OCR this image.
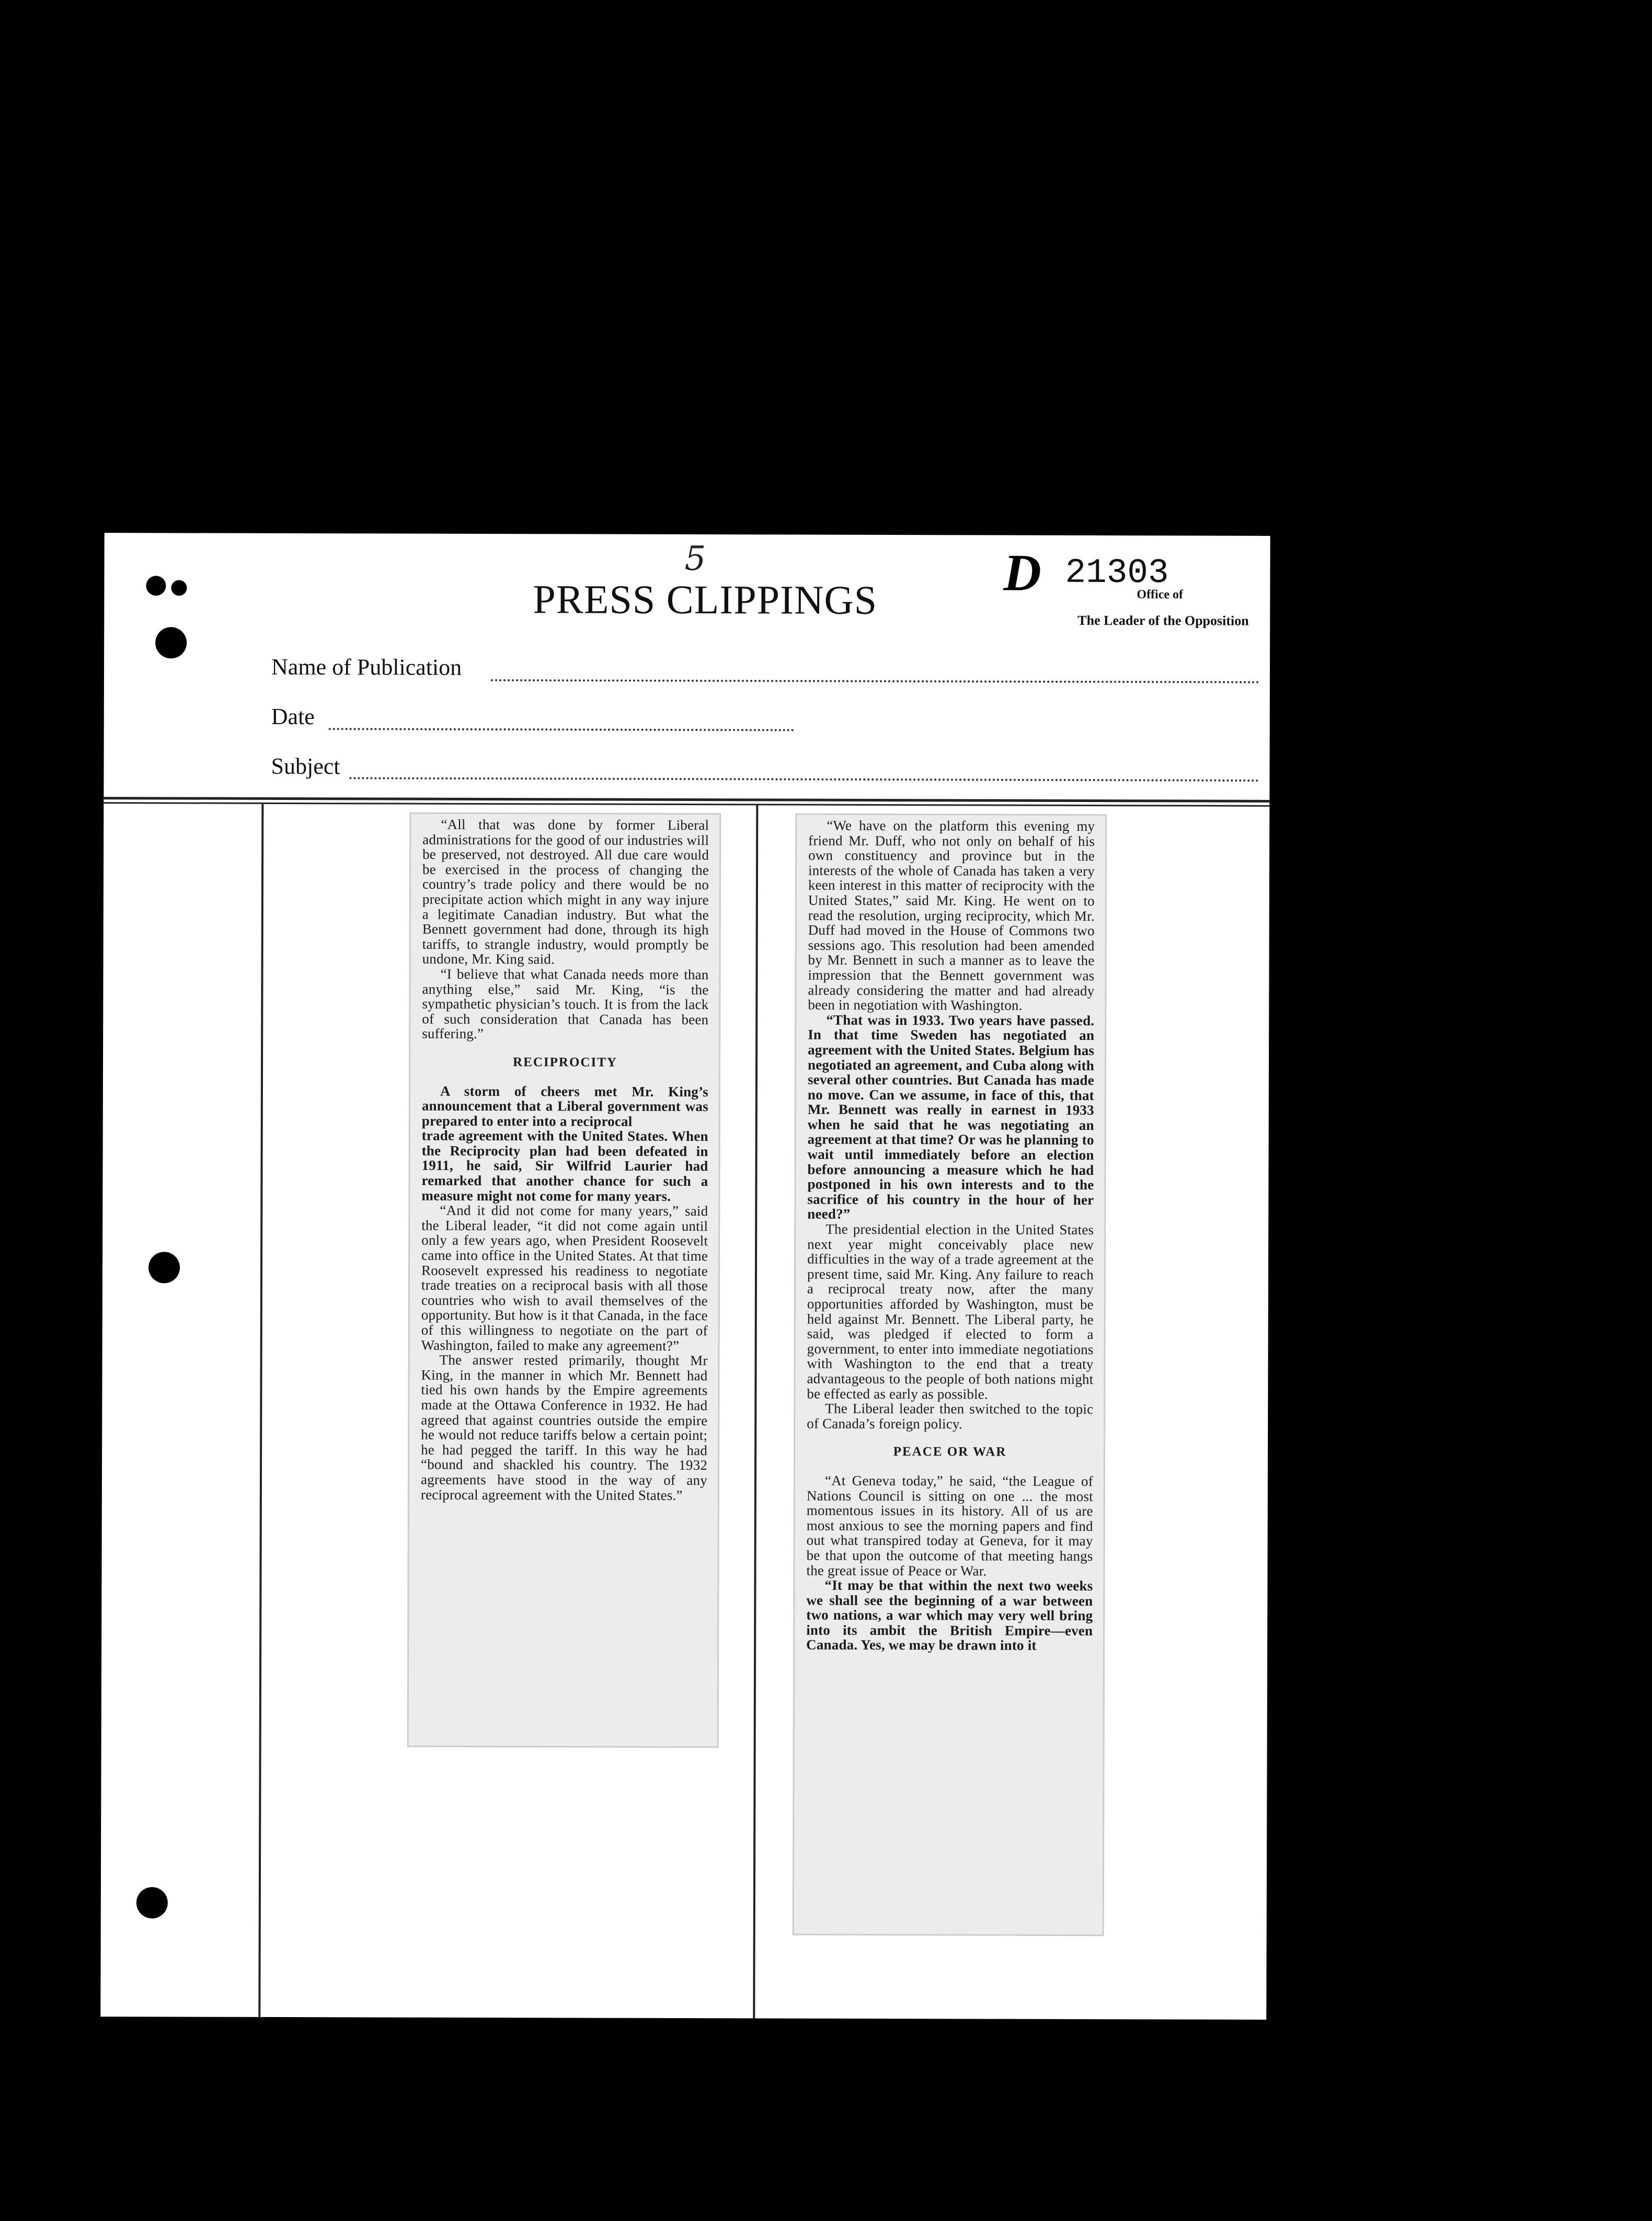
5
PRESS CLIPPINGS D 21303
Office of
The Leader of the Opposition
Name of Publication
Date
Subject

“All that was done by former Liberal administrations for the good of our industries will be preserved, not destroyed. All due care would be exercised in the process of changing the country’s trade policy and there would be no precipitate action which might in any way injure a legitimate Canadian industry. But what the Bennett government had done, through its high tariffs, to strangle industry, would promptly be undone, Mr. King said.

“I believe that what Canada needs more than anything else,” said Mr. King, “is the sympathetic physician’s touch. It is from the lack of such consideration that Canada has been suffering.”

RECIPROCITY

A storm of cheers met Mr. King’s announcement that a Liberal government was prepared to enter into a reciprocal

trade agreement with the United States. When the Reciprocity plan had been defeated in 1911, he said, Sir Wilfrid Laurier had remarked that another chance for such a measure might not come for many years.

“And it did not come for many years,” said the Liberal leader, “it did not come again until only a few years ago, when President Roosevelt came into office in the United States. At that time Roosevelt expressed his readiness to negotiate trade treaties on a reciprocal basis with all those countries who wish to avail themselves of the opportunity. But how is it that Canada, in the face of this willingness to negotiate on the part of Washington, failed to make any agreement?”

The answer rested primarily, thought Mr King, in the manner in which Mr. Bennett had tied his own hands by the Empire agreements made at the Ottawa Conference in 1932. He had agreed that against countries outside the empire he would not reduce tariffs below a certain point; he had pegged the tariff. In this way he had “bound and shackled his country. The 1932 agreements have stood in the way of any reciprocal agreement with the United States.”

“We have on the platform this evening my friend Mr. Duff, who not only on behalf of his own constituency and province but in the interests of the whole of Canada has taken a very keen interest in this matter of reciprocity with the United States,” said Mr. King. He went on to read the resolution, urging reciprocity, which Mr. Duff had moved in the House of Commons two sessions ago. This resolution had been amended by Mr. Bennett in such a manner as to leave the impression that the Bennett government was already considering the matter and had already been in negotiation with Washington.

“That was in 1933. Two years have passed. In that time Sweden has negotiated an agreement with the United States. Belgium has negotiated an agreement, and Cuba along with several other countries. But Canada has made no move. Can we assume, in face of this, that Mr. Bennett was really in earnest in 1933 when he said that he was negotiating an agreement at that time? Or was he planning to wait until immediately before an election before announcing a measure which he had postponed in his own interests and to the sacrifice of his country in the hour of her need?”

The presidential election in the United States next year might conceivably place new difficulties in the way of a trade agreement at the present time, said Mr. King. Any failure to reach a reciprocal treaty now, after the many opportunities afforded by Washington, must be held against Mr. Bennett. The Liberal party, he said, was pledged if elected to form a government, to enter into immediate negotiations with Washington to the end that a treaty advantageous to the people of both nations might be effected as early as possible.

The Liberal leader then switched to the topic of Canada’s foreign policy.

PEACE OR WAR

“At Geneva today,” he said, “the League of Nations Council is sitting on one ... the most momentous issues in its history. All of us are most anxious to see the morning papers and find out what transpired today at Geneva, for it may be that upon the outcome of that meeting hangs the great issue of Peace or War.

“It may be that within the next two weeks we shall see the beginning of a war between two nations, a war which may very well bring into its ambit the British Empire—even Canada. Yes, we may be drawn into it
